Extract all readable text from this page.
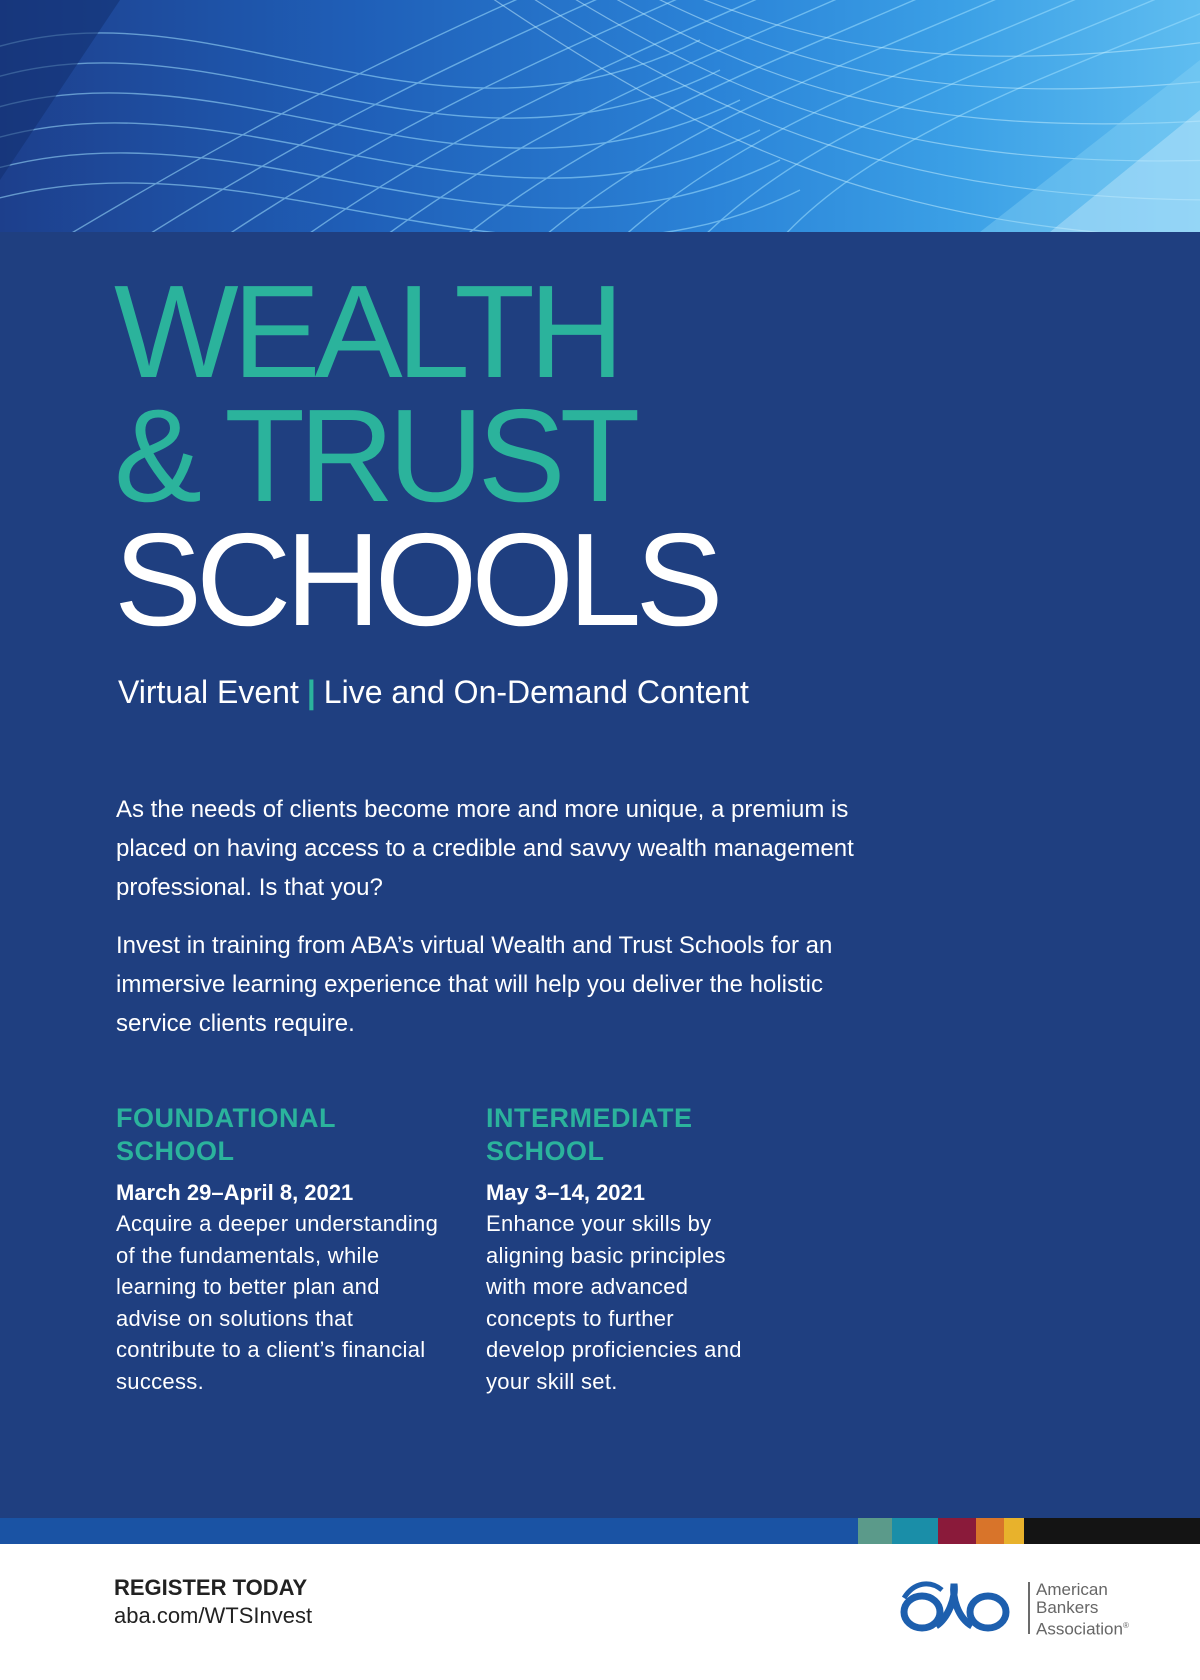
WEALTH
& TRUST
SCHOOLS
Virtual Event | Live and On-Demand Content
As the needs of clients become more and more unique, a premium is placed on having access to a credible and savvy wealth management professional. Is that you?
Invest in training from ABA’s virtual Wealth and Trust Schools for an immersive learning experience that will help you deliver the holistic service clients require.
FOUNDATIONAL
SCHOOL
March 29–April 8, 2021
Acquire a deeper understanding of the fundamentals, while learning to better plan and advise on solutions that contribute to a client’s financial success.
INTERMEDIATE
SCHOOL
May 3–14, 2021
Enhance your skills by aligning basic principles with more advanced concepts to further develop proficiencies and your skill set.
REGISTER TODAY
aba.com/WTSInvest
American
Bankers
Association®
